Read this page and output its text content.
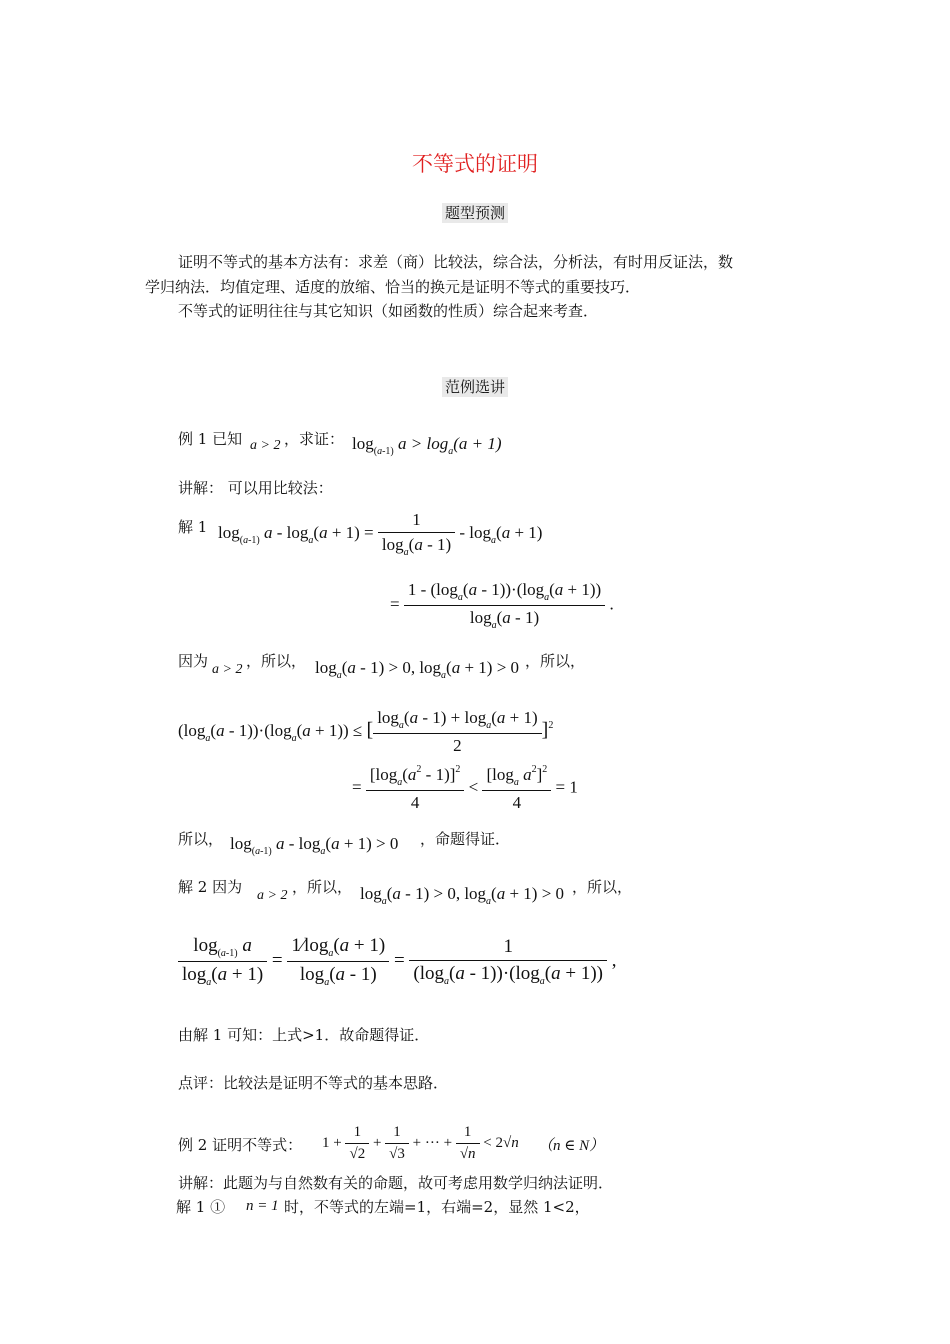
不等式的证明
题型预测
证明不等式的基本方法有：求差（商）比较法，综合法，分析法，有时用反证法，数
学归纳法．均值定理、适度的放缩、恰当的换元是证明不等式的重要技巧．
不等式的证明往往与其它知识（如函数的性质）综合起来考查．
范例选讲
例 1 已知 a > 2 ，求证： $\log_{(a-1)} a > \log_a(a + 1)$
讲解： 可以用比较法：
解 1 $\log_{(a-1)} a - \log_a(a + 1) = \frac{1}{\log_a(a - 1)} - \log_a(a + 1)$
= $\frac{1 - (\log_a(a - 1))\cdot(\log_a(a + 1))}{\log_a(a - 1)}$ .
因为 a > 2 ，所以， $\log_a(a - 1) > 0$, $\log_a(a + 1) > 0$ ，所以，
$(\log_a(a - 1))\cdot(\log_a(a + 1))$ ≤ [ $\frac{\log_a(a - 1) + \log_a(a + 1)}{2} ]^2$
= $\frac{[\log_a(a^2 - 1)]^2}{4} < \frac{[\log_a a^2]^2}{4} = 1$
所以， $\log_{(a-1)} a - \log_a(a + 1) > 0$ ，命题得证．
解 2 因为 a > 2 ，所以， $\log_a(a - 1) > 0$, $\log_a(a + 1) > 0$ ，所以，
$\frac{\log_{(a-1)} a}{\log_a(a + 1)} = \frac{1⁄\log_a(a + 1)}{\log_a(a - 1)} = \frac{1}{(\log_a(a - 1))\cdot(\log_a(a + 1))}$ ,
由解 1 可知：上式>1．故命题得证．
点评：比较法是证明不等式的基本思路．
例 2 证明不等式： $1 + \frac{1}{√2} + \frac{1}{√3}$ + ··· + $\frac{1}{√n} < 2√n$ （n ∈ N）
讲解：此题为与自然数有关的命题，故可考虑用数学归纳法证明．
解 1 ① n = 1 时，不等式的左端=1，右端=2，显然 1<2，
